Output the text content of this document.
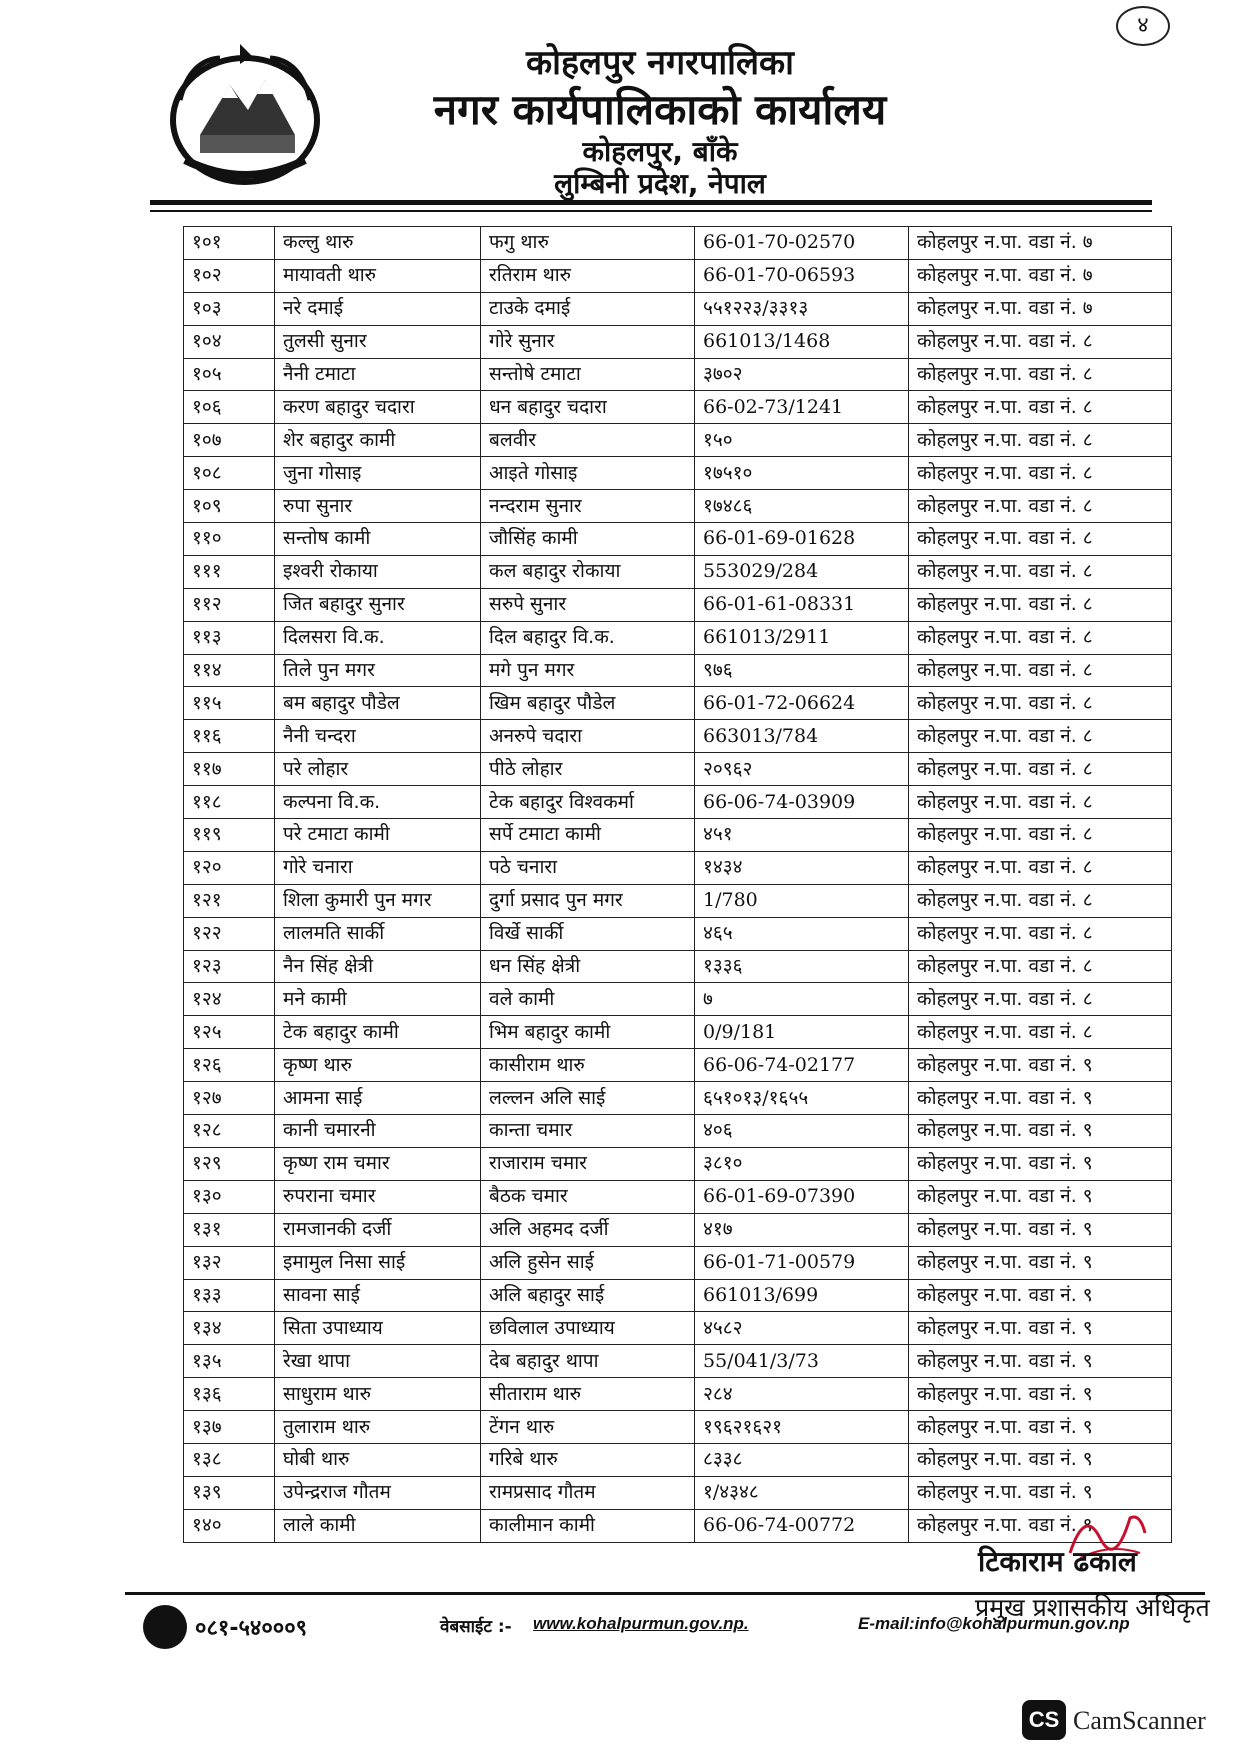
४
कोहलपुर नगरपालिका
नगर कार्यपालिकाको कार्यालय
कोहलपुर, बाँके
लुम्बिनी प्रदेश, नेपाल
१०१	कल्लु थारु	फगु थारु	66-01-70-02570	कोहलपुर न.पा. वडा नं. ७
१०२	मायावती थारु	रतिराम थारु	66-01-70-06593	कोहलपुर न.पा. वडा नं. ७
१०३	नरे दमाई	टाउके दमाई	५५१२२३/३३१३	कोहलपुर न.पा. वडा नं. ७
१०४	तुलसी सुनार	गोरे सुनार	661013/1468	कोहलपुर न.पा. वडा नं. ८
१०५	नैनी टमाटा	सन्तोषे टमाटा	३७०२	कोहलपुर न.पा. वडा नं. ८
१०६	करण बहादुर चदारा	धन बहादुर चदारा	66-02-73/1241	कोहलपुर न.पा. वडा नं. ८
१०७	शेर बहादुर कामी	बलवीर	१५०	कोहलपुर न.पा. वडा नं. ८
१०८	जुना गोसाइ	आइते गोसाइ	१७५१०	कोहलपुर न.पा. वडा नं. ८
१०९	रुपा सुनार	नन्दराम सुनार	१७४८६	कोहलपुर न.पा. वडा नं. ८
११०	सन्तोष कामी	जौसिंह कामी	66-01-69-01628	कोहलपुर न.पा. वडा नं. ८
१११	इश्वरी रोकाया	कल बहादुर रोकाया	553029/284	कोहलपुर न.पा. वडा नं. ८
११२	जित बहादुर सुनार	सरुपे सुनार	66-01-61-08331	कोहलपुर न.पा. वडा नं. ८
११३	दिलसरा वि.क.	दिल बहादुर वि.क.	661013/2911	कोहलपुर न.पा. वडा नं. ८
११४	तिले पुन मगर	मगे पुन मगर	९७६	कोहलपुर न.पा. वडा नं. ८
११५	बम बहादुर पौडेल	खिम बहादुर पौडेल	66-01-72-06624	कोहलपुर न.पा. वडा नं. ८
११६	नैनी चन्दरा	अनरुपे चदारा	663013/784	कोहलपुर न.पा. वडा नं. ८
११७	परे लोहार	पीठे लोहार	२०९६२	कोहलपुर न.पा. वडा नं. ८
११८	कल्पना वि.क.	टेक बहादुर विश्वकर्मा	66-06-74-03909	कोहलपुर न.पा. वडा नं. ८
११९	परे टमाटा कामी	सर्पे टमाटा कामी	४५१	कोहलपुर न.पा. वडा नं. ८
१२०	गोरे चनारा	पठे चनारा	१४३४	कोहलपुर न.पा. वडा नं. ८
१२१	शिला कुमारी पुन मगर	दुर्गा प्रसाद पुन मगर	1/780	कोहलपुर न.पा. वडा नं. ८
१२२	लालमति सार्की	विर्खे सार्की	४६५	कोहलपुर न.पा. वडा नं. ८
१२३	नैन सिंह क्षेत्री	धन सिंह क्षेत्री	१३३६	कोहलपुर न.पा. वडा नं. ८
१२४	मने कामी	वले कामी	७	कोहलपुर न.पा. वडा नं. ८
१२५	टेक बहादुर कामी	भिम बहादुर कामी	0/9/181	कोहलपुर न.पा. वडा नं. ८
१२६	कृष्ण थारु	कासीराम थारु	66-06-74-02177	कोहलपुर न.पा. वडा नं. ९
१२७	आमना साई	लल्लन अलि साई	६५१०१३/१६५५	कोहलपुर न.पा. वडा नं. ९
१२८	कानी चमारनी	कान्ता चमार	४०६	कोहलपुर न.पा. वडा नं. ९
१२९	कृष्ण राम चमार	राजाराम चमार	३८१०	कोहलपुर न.पा. वडा नं. ९
१३०	रुपराना चमार	बैठक चमार	66-01-69-07390	कोहलपुर न.पा. वडा नं. ९
१३१	रामजानकी दर्जी	अलि अहमद दर्जी	४१७	कोहलपुर न.पा. वडा नं. ९
१३२	इमामुल निसा साई	अलि हुसेन साई	66-01-71-00579	कोहलपुर न.पा. वडा नं. ९
१३३	सावना साई	अलि बहादुर साई	661013/699	कोहलपुर न.पा. वडा नं. ९
१३४	सिता उपाध्याय	छविलाल उपाध्याय	४५८२	कोहलपुर न.पा. वडा नं. ९
१३५	रेखा थापा	देब बहादुर थापा	55/041/3/73	कोहलपुर न.पा. वडा नं. ९
१३६	साधुराम थारु	सीताराम थारु	२८४	कोहलपुर न.पा. वडा नं. ९
१३७	तुलाराम थारु	टेंगन थारु	१९६२१६२१	कोहलपुर न.पा. वडा नं. ९
१३८	घोबी थारु	गरिबे थारु	८३३८	कोहलपुर न.पा. वडा नं. ९
१३९	उपेन्द्रराज गौतम	रामप्रसाद गौतम	१/४३४८	कोहलपुर न.पा. वडा नं. ९
१४०	लाले कामी	कालीमान कामी	66-06-74-00772	कोहलपुर न.पा. वडा नं. ९
टिकाराम ढकाल
प्रमुख प्रशासकीय अधिकृत
०८१-५४०००९	वेबसाईट :- www.kohalpurmun.gov.np.	E-mail:info@kohalpurmun.gov.np
CS CamScanner
